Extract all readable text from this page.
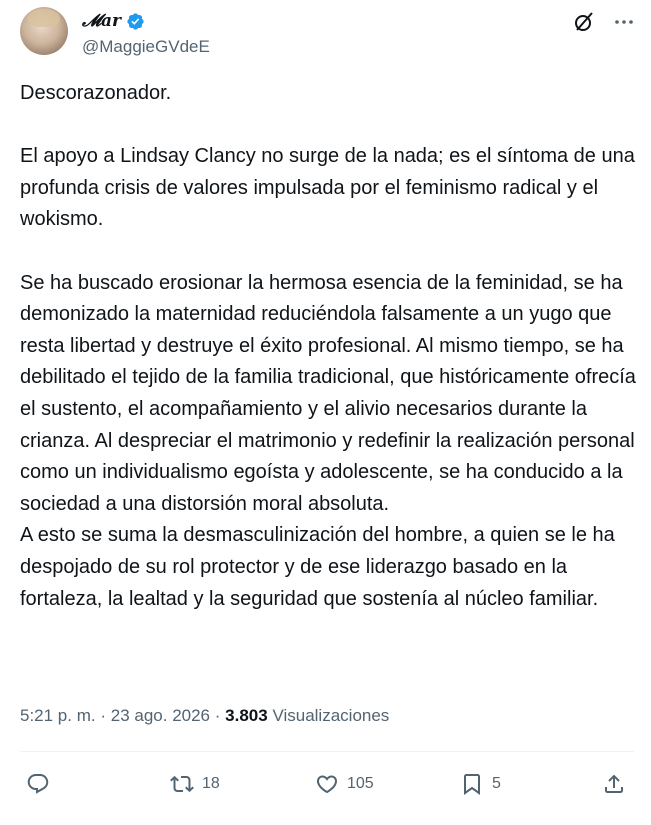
𝓜ar
@MaggieGVdeE

Descorazonador.

El apoyo a Lindsay Clancy no surge de la nada; es el síntoma de una profunda crisis de valores impulsada por el feminismo radical y el wokismo.

Se ha buscado erosionar la hermosa esencia de la feminidad, se ha demonizado la maternidad reduciéndola falsamente a un yugo que resta libertad y destruye el éxito profesional. Al mismo tiempo, se ha debilitado el tejido de la familia tradicional, que históricamente ofrecía el sustento, el acompañamiento y el alivio necesarios durante la crianza. Al despreciar el matrimonio y redefinir la realización personal como un individualismo egoísta y adolescente, se ha conducido a la sociedad a una distorsión moral absoluta.

A esto se suma la desmasculinización del hombre, a quien se le ha despojado de su rol protector y de ese liderazgo basado en la fortaleza, la lealtad y la seguridad que sostenía al núcleo familiar.

5:21 p. m. · 23 ago. 2026 · 3.803 Visualizaciones
18	105	5
